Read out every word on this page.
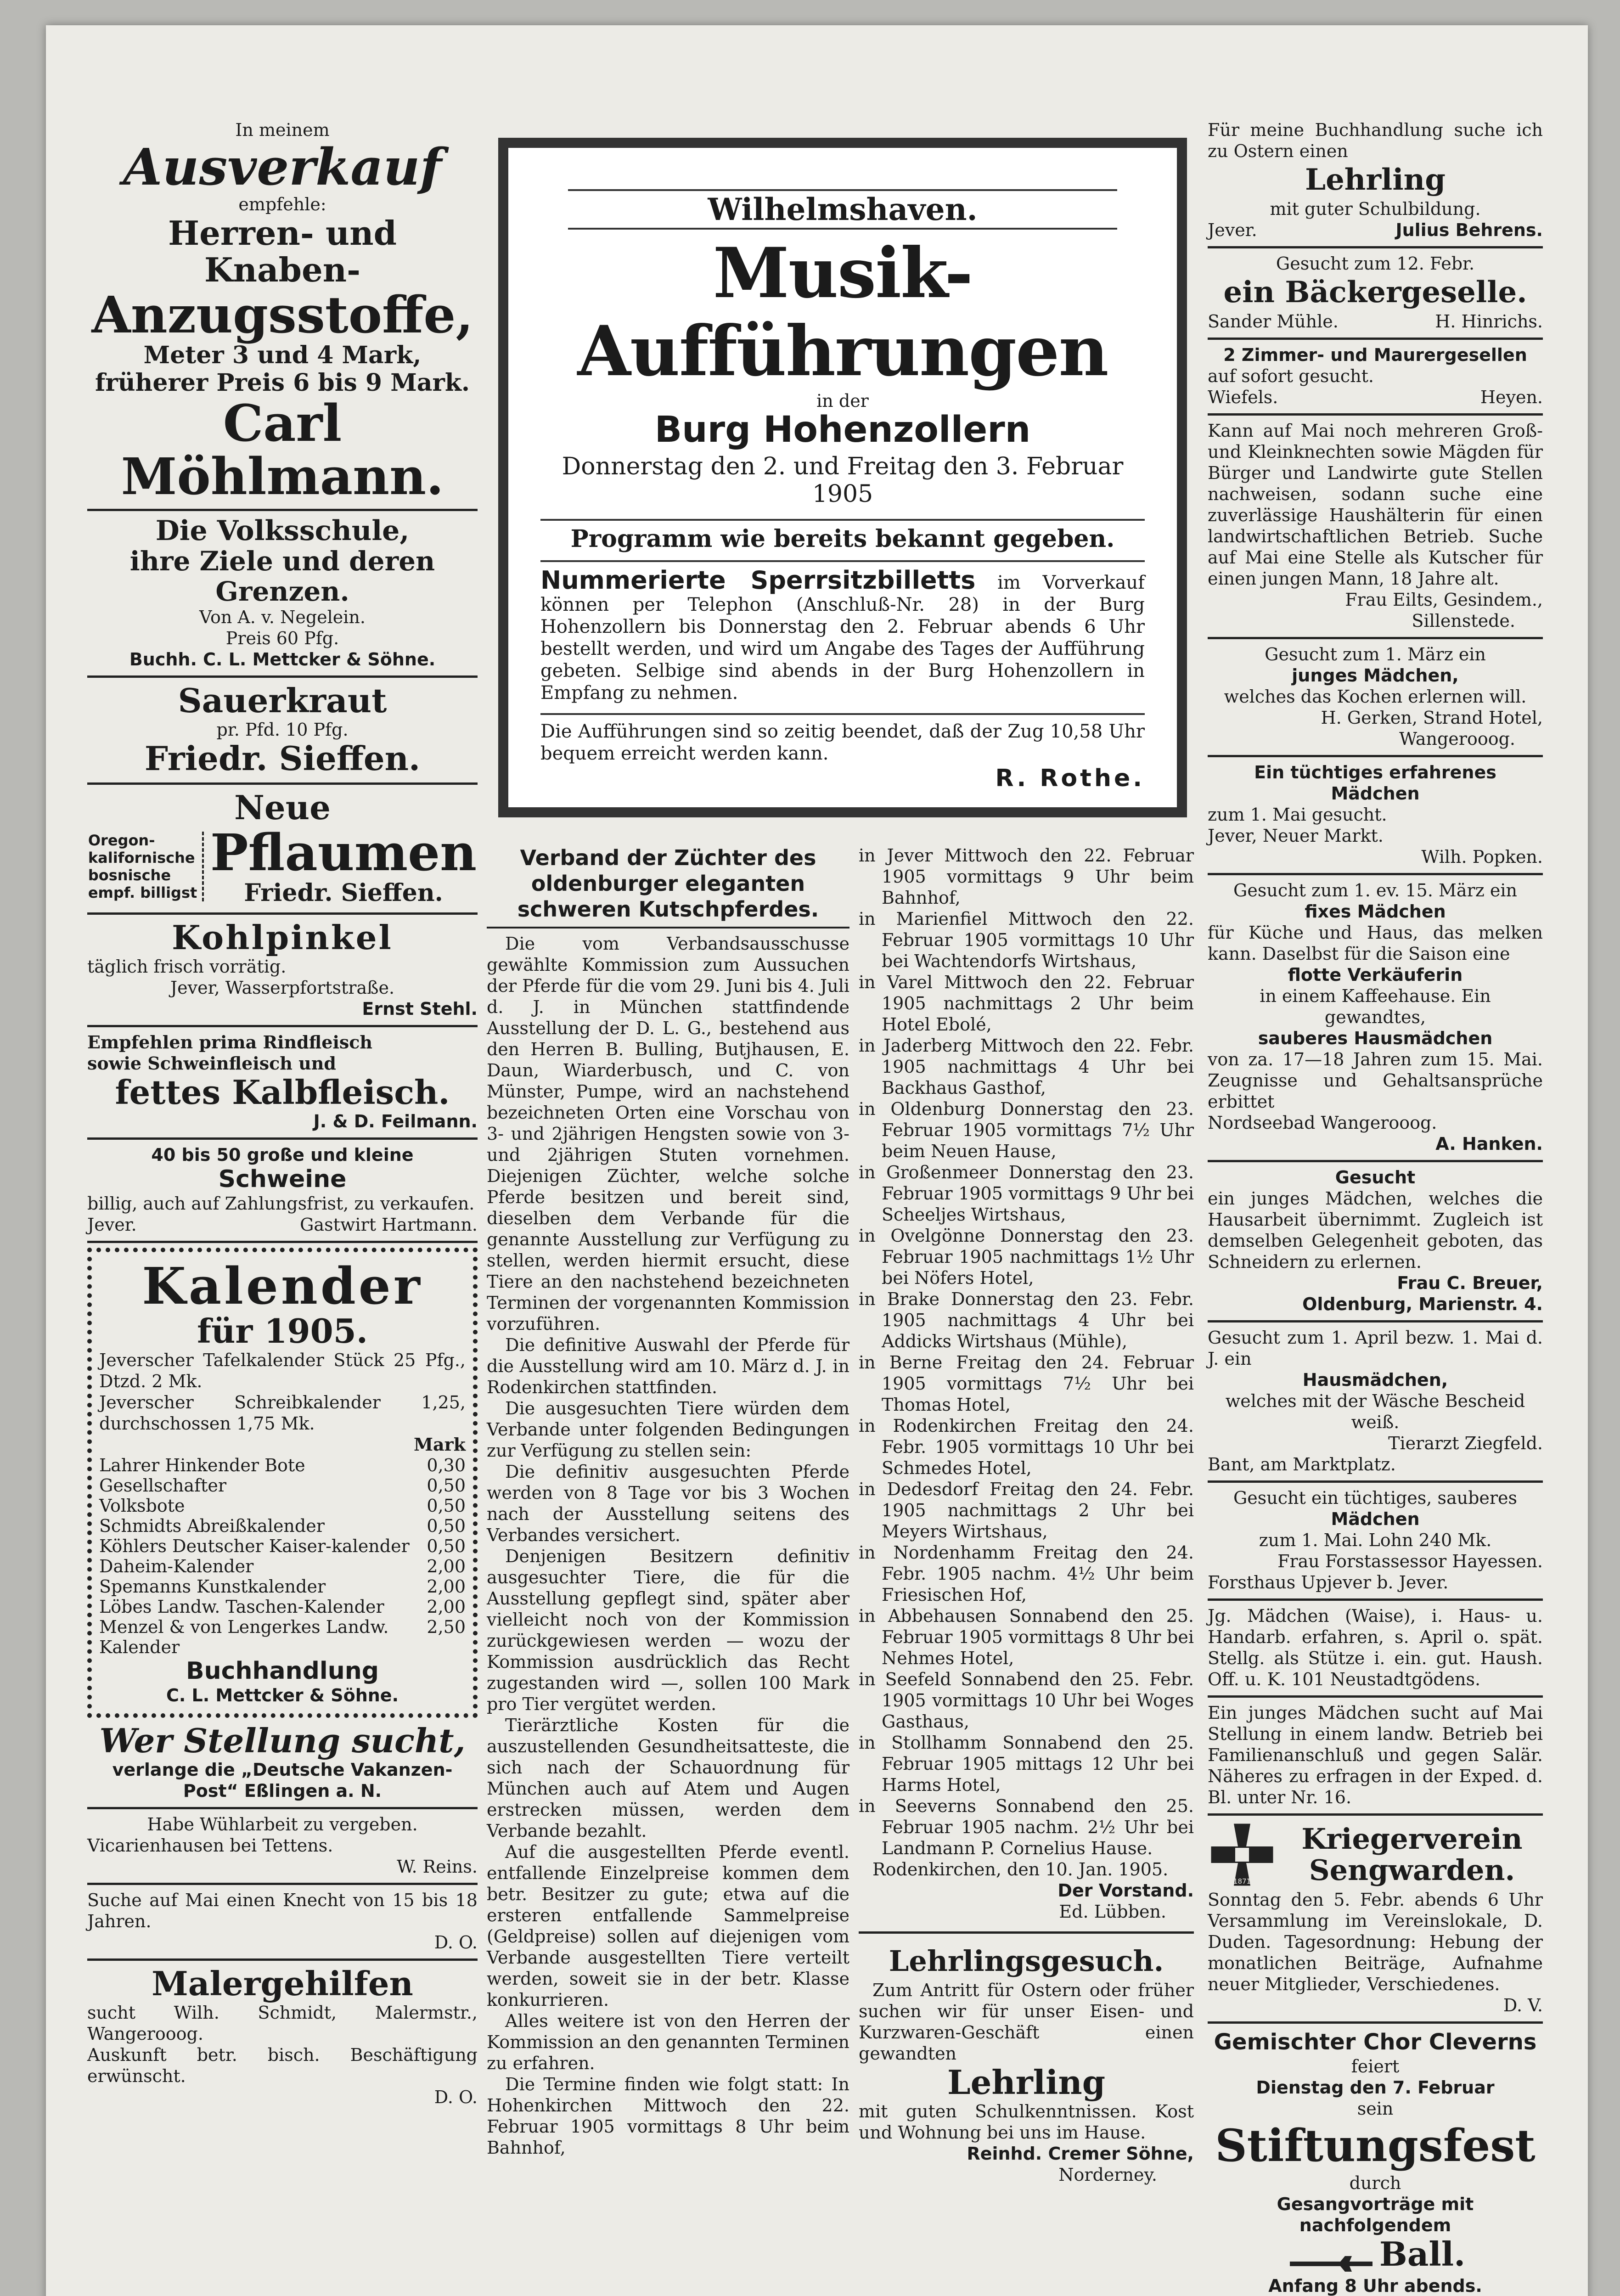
In meinem
Ausverkauf
empfehle:
Herren- und Knaben-
Anzugsstoffe,
Meter 3 und 4 Mark,
früherer Preis 6 bis 9 Mark.
Carl Möhlmann.
Die Volksschule,
ihre Ziele und deren Grenzen.
Von A. v. Negelein.
Preis 60 Pfg.
Buchh. C. L. Mettcker & Söhne.
Sauerkraut
pr. Pfd. 10 Pfg.
Friedr. Sieffen.
Neue
Oregon-kalifornische bosnische empf. billigst
Pflaumen
Friedr. Sieffen.
Kohlpinkel
täglich frisch vorrätig.
Jever, Wasserpfortstraße.
Ernst Stehl.
Empfehlen prima Rindfleisch
sowie Schweinfleisch und
fettes Kalbfleisch.
J. & D. Feilmann.
40 bis 50 große und kleine
Schweine
billig, auch auf Zahlungsfrist, zu verkaufen.
Jever.	Gastwirt Hartmann.
Kalender
für 1905.
Jeverscher Tafelkalender Stück 25 Pfg., Dtzd. 2 Mk.
Jeverscher Schreibkalender 1,25, durchschossen 1,75 Mk.
Mark
Lahrer Hinkender Bote	0,30
Gesellschafter	0,50
Volksbote	0,50
Schmidts Abreißkalender	0,50
Köhlers Deutscher Kaiser-kalender 0,50
Daheim-Kalender	2,00
Spemanns Kunstkalender	2,00
Löbes Landw. Taschen-Kalender 2,00
Menzel & von Lengerkes Landw. Kalender
2,50
Buchhandlung
C. L. Mettcker & Söhne.
Wer Stellung sucht,
verlange die „Deutsche Vakanzen-Post“ Eßlingen a. N.
Habe Wühlarbeit zu vergeben.
Vicarienhausen bei Tettens.
W. Reins.
Suche auf Mai einen Knecht von 15 bis 18 Jahren.
D. O.
Malergehilfen
sucht Wilh. Schmidt, Malermstr., Wangerooog.
Auskunft betr. bisch. Beschäftigung erwünscht.
D. O.
Wilhelmshaven.
Musik-Aufführungen
in der
Burg Hohenzollern
Donnerstag den 2. und Freitag den 3. Februar 1905
Programm wie bereits bekannt gegeben.
Nummerierte Sperrsitzbilletts im Vorverkauf können per Telephon (Anschluß-Nr. 28) in der Burg Hohenzollern bis Donnerstag den 2. Februar abends 6 Uhr bestellt werden, und wird um Angabe des Tages der Aufführung gebeten. Selbige sind abends in der Burg Hohenzollern in Empfang zu nehmen.
Die Aufführungen sind so zeitig beendet, daß der Zug 10,58 Uhr bequem erreicht werden kann.
R. Rothe.
Verband der Züchter des oldenburger eleganten schweren Kutschpferdes.
Die vom Verbandsausschusse gewählte Kommission zum Aussuchen der Pferde für die vom 29. Juni bis 4. Juli d. J. in München stattfindende Ausstellung der D. L. G., bestehend aus den Herren B. Bulling, Butjhausen, E. Daun, Wiarderbusch, und C. von Münster, Pumpe, wird an nachstehend bezeichneten Orten eine Vorschau von 3- und 2jährigen Hengsten sowie von 3- und 2jährigen Stuten vornehmen. Diejenigen Züchter, welche solche Pferde besitzen und bereit sind, dieselben dem Verbande für die genannte Ausstellung zur Verfügung zu stellen, werden hiermit ersucht, diese Tiere an den nachstehend bezeichneten Terminen der vorgenannten Kommission vorzuführen.
Die definitive Auswahl der Pferde für die Ausstellung wird am 10. März d. J. in Rodenkirchen stattfinden.
Die ausgesuchten Tiere würden dem Verbande unter folgenden Bedingungen zur Verfügung zu stellen sein:
Die definitiv ausgesuchten Pferde werden von 8 Tage vor bis 3 Wochen nach der Ausstellung seitens des Verbandes versichert.
Denjenigen Besitzern definitiv ausgesuchter Tiere, die für die Ausstellung gepflegt sind, später aber vielleicht noch von der Kommission zurückgewiesen werden — wozu der Kommission ausdrücklich das Recht zugestanden wird —, sollen 100 Mark pro Tier vergütet werden.
Tierärztliche Kosten für die auszustellenden Gesundheitsatteste, die sich nach der Schauordnung für München auch auf Atem und Augen erstrecken müssen, werden dem Verbande bezahlt.
Auf die ausgestellten Pferde eventl. entfallende Einzelpreise kommen dem betr. Besitzer zu gute; etwa auf die ersteren entfallende Sammelpreise (Geldpreise) sollen auf diejenigen vom Verbande ausgestellten Tiere verteilt werden, soweit sie in der betr. Klasse konkurrieren.
Alles weitere ist von den Herren der Kommission an den genannten Terminen zu erfahren.
Die Termine finden wie folgt statt: In Hohenkirchen Mittwoch den 22. Februar 1905 vormittags 8 Uhr beim Bahnhof,
in Jever Mittwoch den 22. Februar 1905 vormittags 9 Uhr beim Bahnhof,
in Marienfiel Mittwoch den 22. Februar 1905 vormittags 10 Uhr bei Wachtendorfs Wirtshaus,
in Varel Mittwoch den 22. Februar 1905 nachmittags 2 Uhr beim Hotel Ebolé,
in Jaderberg Mittwoch den 22. Febr. 1905 nachmittags 4 Uhr bei Backhaus Gasthof,
in Oldenburg Donnerstag den 23. Februar 1905 vormittags 7½ Uhr beim Neuen Hause,
in Großenmeer Donnerstag den 23. Februar 1905 vormittags 9 Uhr bei Scheeljes Wirtshaus,
in Ovelgönne Donnerstag den 23. Februar 1905 nachmittags 1½ Uhr bei Nöfers Hotel,
in Brake Donnerstag den 23. Febr. 1905 nachmittags 4 Uhr bei Addicks Wirtshaus (Mühle),
in Berne Freitag den 24. Februar 1905 vormittags 7½ Uhr bei Thomas Hotel,
in Rodenkirchen Freitag den 24. Febr. 1905 vormittags 10 Uhr bei Schmedes Hotel,
in Dedesdorf Freitag den 24. Febr. 1905 nachmittags 2 Uhr bei Meyers Wirtshaus,
in Nordenhamm Freitag den 24. Febr. 1905 nachm. 4½ Uhr beim Friesischen Hof,
in Abbehausen Sonnabend den 25. Februar 1905 vormittags 8 Uhr bei Nehmes Hotel,
in Seefeld Sonnabend den 25. Febr. 1905 vormittags 10 Uhr bei Woges Gasthaus,
in Stollhamm Sonnabend den 25. Februar 1905 mittags 12 Uhr bei Harms Hotel,
in Seeverns Sonnabend den 25. Februar 1905 nachm. 2½ Uhr bei Landmann P. Cornelius Hause.
Rodenkirchen, den 10. Jan. 1905.
Der Vorstand.
Ed. Lübben.
Lehrlingsgesuch.
Zum Antritt für Ostern oder früher suchen wir für unser Eisen- und Kurzwaren-Geschäft einen gewandten
Lehrling
mit guten Schulkenntnissen. Kost und Wohnung bei uns im Hause.
Reinhd. Cremer Söhne,
Norderney.
Für meine Buchhandlung suche ich zu Ostern einen
Lehrling
mit guter Schulbildung.
Jever.	Julius Behrens.
Gesucht zum 12. Febr.
ein Bäckergeselle.
Sander Mühle.	H. Hinrichs.
2 Zimmer- und Maurergesellen
auf sofort gesucht.
Wiefels.	Heyen.
Kann auf Mai noch mehreren Groß- und Kleinknechten sowie Mägden für Bürger und Landwirte gute Stellen nachweisen, sodann suche eine zuverlässige Haushälterin für einen landwirtschaftlichen Betrieb. Suche auf Mai eine Stelle als Kutscher für einen jungen Mann, 18 Jahre alt.
Frau Eilts, Gesindem.,
Sillenstede.
Gesucht zum 1. März ein
junges Mädchen,
welches das Kochen erlernen will.
H. Gerken, Strand Hotel,
Wangerooog.
Ein tüchtiges erfahrenes Mädchen
zum 1. Mai gesucht.
Jever, Neuer Markt.
Wilh. Popken.
Gesucht zum 1. ev. 15. März ein
fixes Mädchen
für Küche und Haus, das melken kann. Daselbst für die Saison eine
flotte Verkäuferin
in einem Kaffeehause. Ein gewandtes,
sauberes Hausmädchen
von za. 17—18 Jahren zum 15. Mai. Zeugnisse und Gehaltsansprüche erbittet
Nordseebad Wangerooog.
A. Hanken.
Gesucht
ein junges Mädchen, welches die Hausarbeit übernimmt. Zugleich ist demselben Gelegenheit geboten, das Schneidern zu erlernen.
Frau C. Breuer,
Oldenburg, Marienstr. 4.
Gesucht zum 1. April bezw. 1. Mai d. J. ein
Hausmädchen,
welches mit der Wäsche Bescheid weiß.
Tierarzt Ziegfeld.
Bant, am Marktplatz.
Gesucht ein tüchtiges, sauberes
Mädchen
zum 1. Mai. Lohn 240 Mk.
Frau Forstassessor Hayessen.
Forsthaus Upjever b. Jever.
Jg. Mädchen (Waise), i. Haus- u. Handarb. erfahren, s. April o. spät. Stellg. als Stütze i. ein. gut. Haush. Off. u. K. 101 Neustadtgödens.
Ein junges Mädchen sucht auf Mai Stellung in einem landw. Betrieb bei Familienanschluß und gegen Salär. Näheres zu erfragen in der Exped. d. Bl. unter Nr. 16.
1871
Kriegerverein
Sengwarden.
Sonntag den 5. Febr. abends 6 Uhr Versammlung im Vereinslokale, D. Duden. Tagesordnung: Hebung der monatlichen Beiträge, Aufnahme neuer Mitglieder, Verschiedenes.
D. V.
Gemischter Chor Cleverns
feiert
Dienstag den 7. Februar
sein
Stiftungsfest
durch
Gesangvorträge mit nachfolgendem
Ball.
Anfang 8 Uhr abends.
